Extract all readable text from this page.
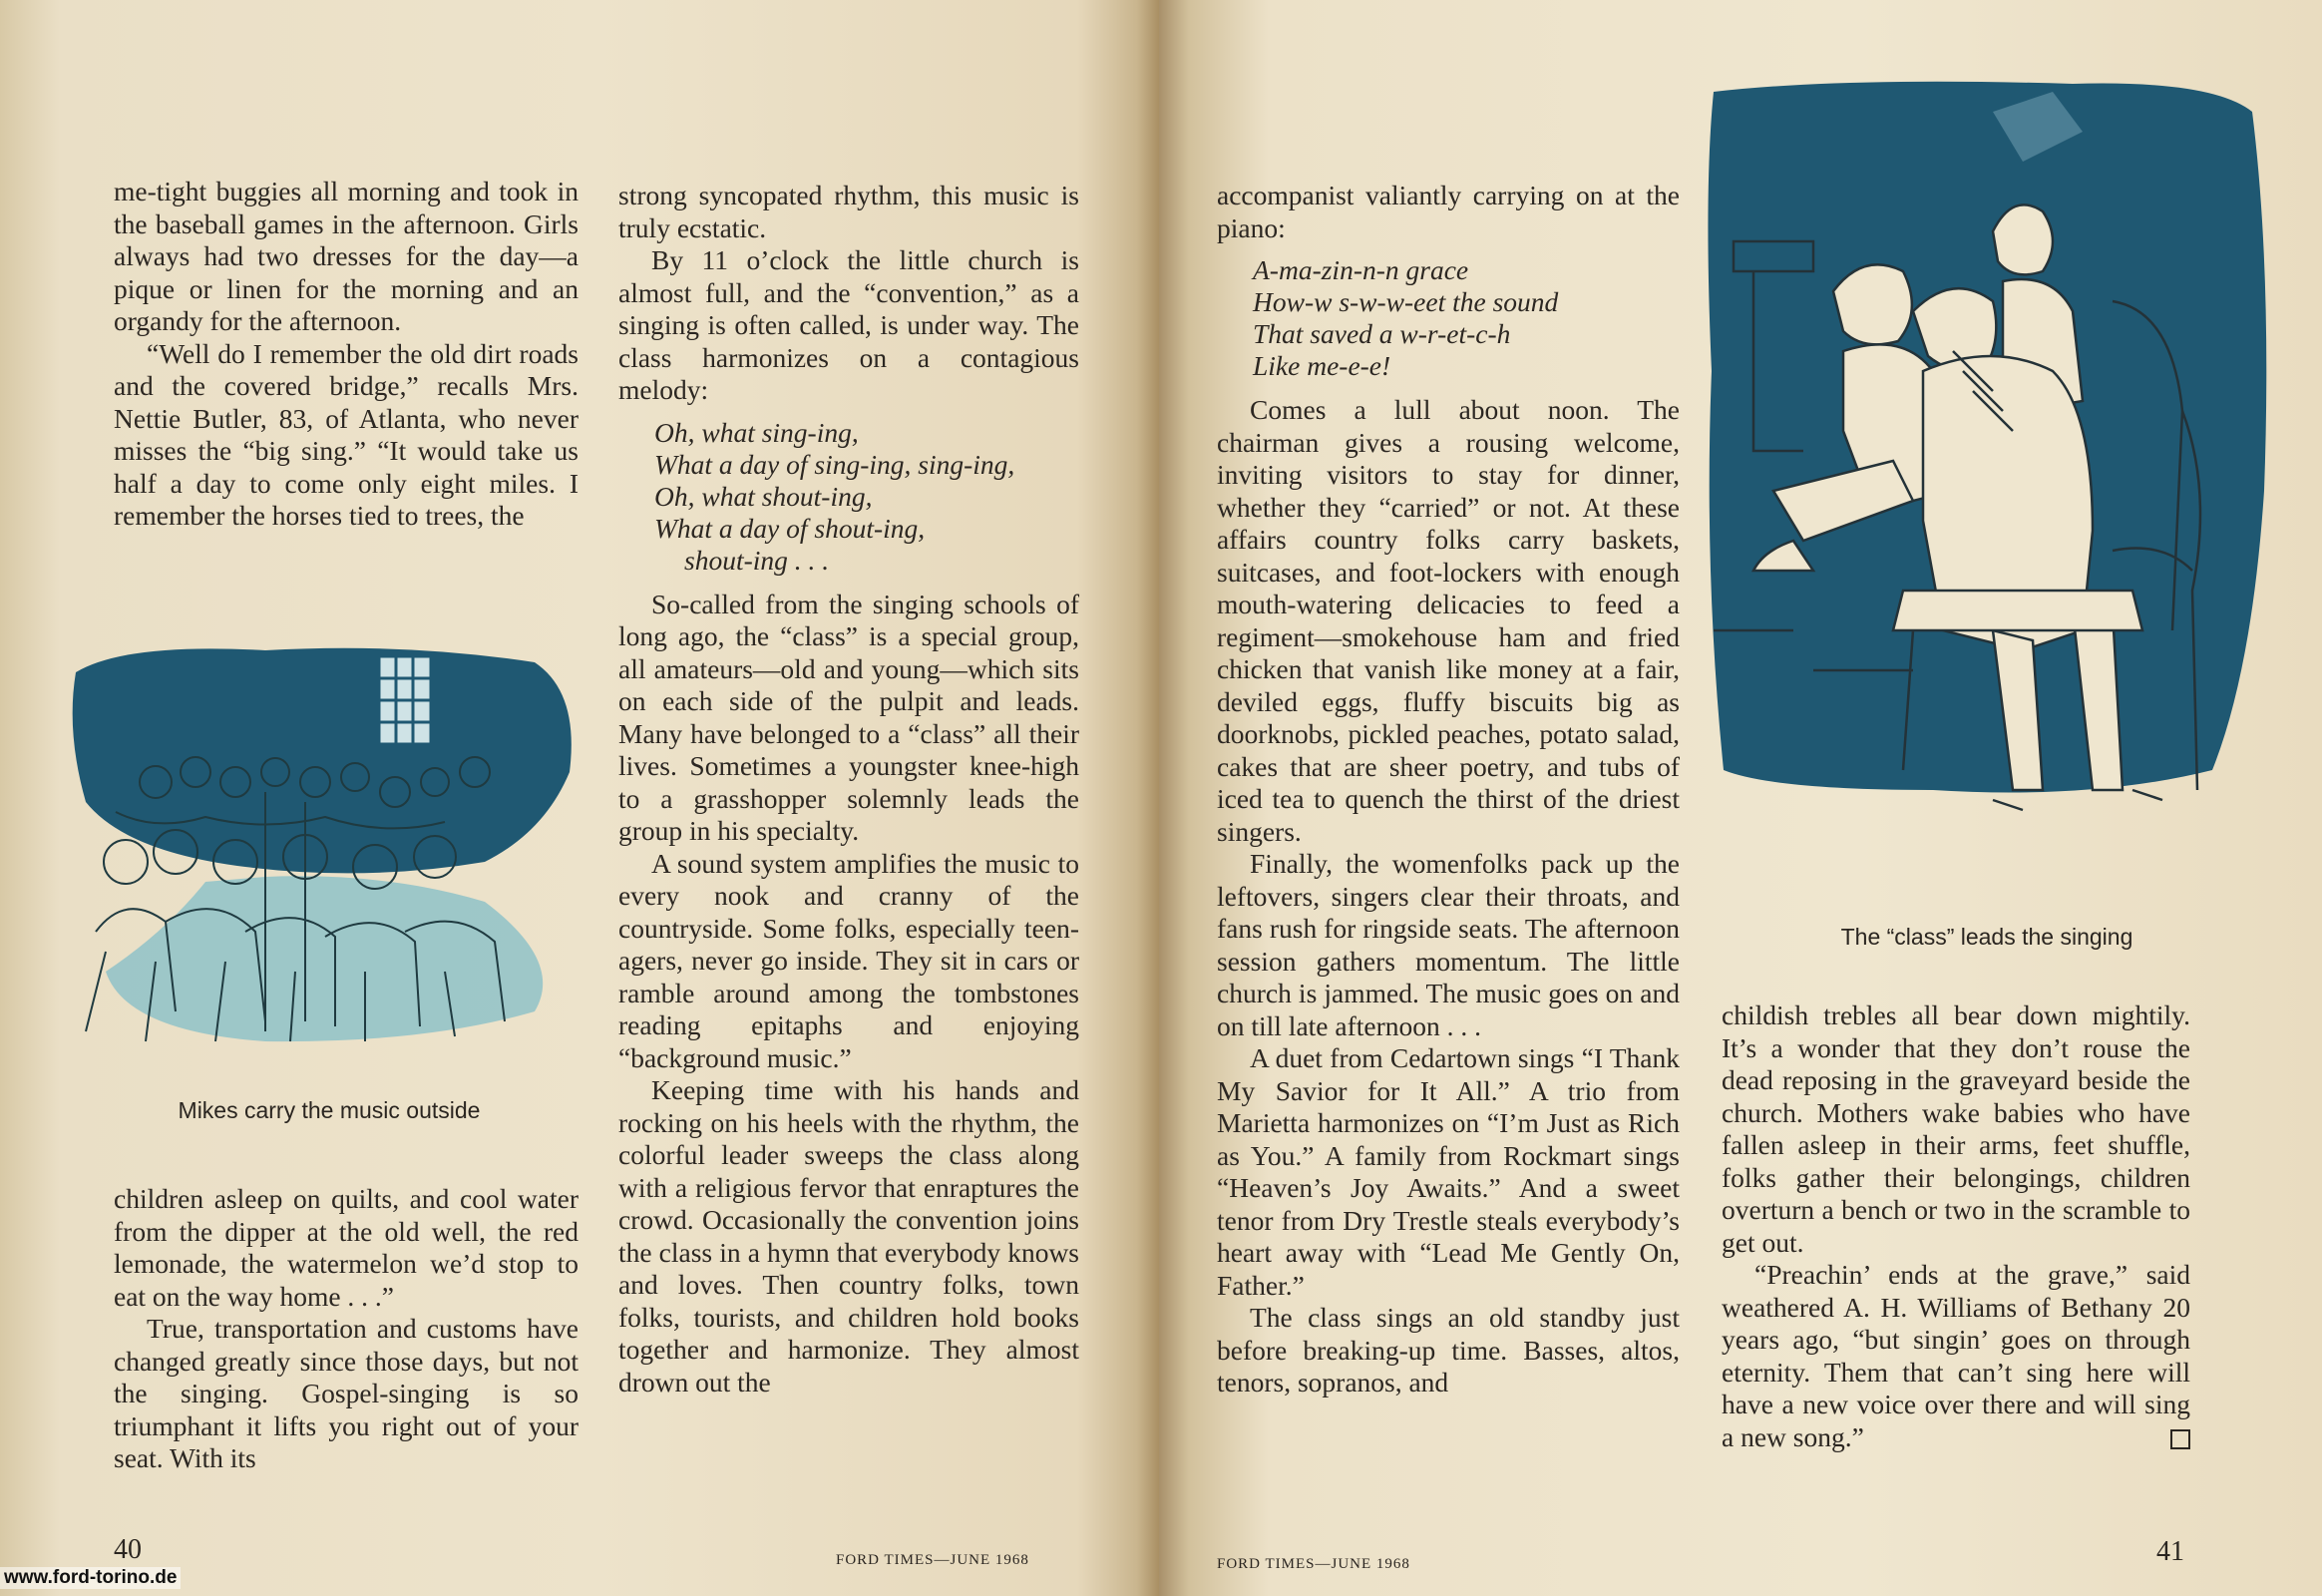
me-tight buggies all morning and took in the baseball games in the afternoon. Girls always had two dresses for the day—a pique or linen for the morning and an organdy for the afternoon.

“Well do I remember the old dirt roads and the covered bridge,” recalls Mrs. Nettie Butler, 83, of Atlanta, who never misses the “big sing.” “It would take us half a day to come only eight miles. I remember the horses tied to trees, the

Mikes carry the music outside

children asleep on quilts, and cool water from the dipper at the old well, the red lemonade, the watermelon we’d stop to eat on the way home . . .”

True, transportation and customs have changed greatly since those days, but not the singing. Gospel-singing is so triumphant it lifts you right out of your seat. With its

strong syncopated rhythm, this music is truly ecstatic.

By 11 o’clock the little church is almost full, and the “convention,” as a singing is often called, is under way. The class harmonizes on a contagious melody:

Oh, what sing-ing,
What a day of sing-ing, sing-ing,
Oh, what shout-ing,
What a day of shout-ing,
shout-ing . . .

So-called from the singing schools of long ago, the “class” is a special group, all amateurs—old and young—which sits on each side of the pulpit and leads. Many have belonged to a “class” all their lives. Sometimes a youngster knee-high to a grasshopper solemnly leads the group in his specialty.

A sound system amplifies the music to every nook and cranny of the countryside. Some folks, especially teen-agers, never go inside. They sit in cars or ramble around among the tombstones reading epitaphs and enjoying “background music.”

Keeping time with his hands and rocking on his heels with the rhythm, the colorful leader sweeps the class along with a religious fervor that enraptures the crowd. Occasionally the convention joins the class in a hymn that everybody knows and loves. Then country folks, town folks, tourists, and children hold books together and harmonize. They almost drown out the

40	FORD TIMES—JUNE 1968

accompanist valiantly carrying on at the piano:

A-ma-zin-n-n grace
How-w s-w-w-eet the sound
That saved a w-r-et-c-h
Like me-e-e!

Comes a lull about noon. The chairman gives a rousing welcome, inviting visitors to stay for dinner, whether they “carried” or not. At these affairs country folks carry baskets, suitcases, and foot-lockers with enough mouth-watering delicacies to feed a regiment—smokehouse ham and fried chicken that vanish like money at a fair, deviled eggs, fluffy biscuits big as doorknobs, pickled peaches, potato salad, cakes that are sheer poetry, and tubs of iced tea to quench the thirst of the driest singers.

Finally, the womenfolks pack up the leftovers, singers clear their throats, and fans rush for ringside seats. The afternoon session gathers momentum. The little church is jammed. The music goes on and on till late afternoon . . .

A duet from Cedartown sings “I Thank My Savior for It All.” A trio from Marietta harmonizes on “I’m Just as Rich as You.” A family from Rockmart sings “Heaven’s Joy Awaits.” And a sweet tenor from Dry Trestle steals everybody’s heart away with “Lead Me Gently On, Father.”

The class sings an old standby just before breaking-up time. Basses, altos, tenors, sopranos, and

The “class” leads the singing

childish trebles all bear down mightily. It’s a wonder that they don’t rouse the dead reposing in the graveyard beside the church. Mothers wake babies who have fallen asleep in their arms, feet shuffle, folks gather their belongings, children overturn a bench or two in the scramble to get out.

“Preachin’ ends at the grave,” said weathered A. H. Williams of Bethany 20 years ago, “but singin’ goes on through eternity. Them that can’t sing here will have a new voice over there and will sing a new song.”

FORD TIMES—JUNE 1968	41
www.ford-torino.de
